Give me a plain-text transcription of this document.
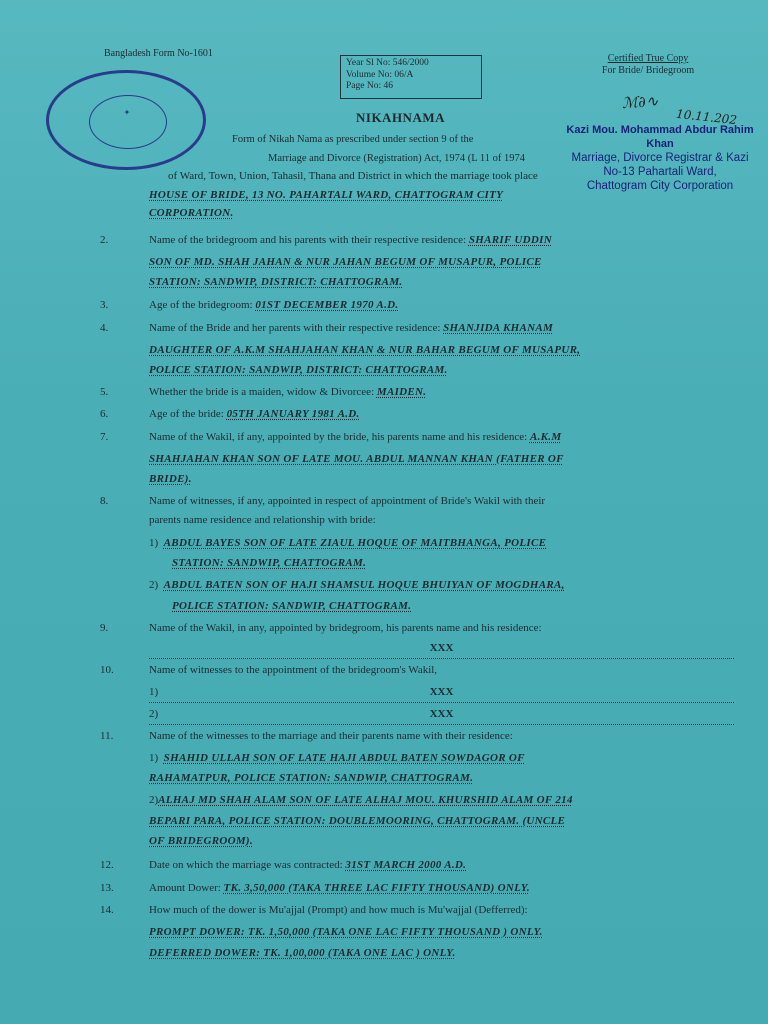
Bangladesh Form No-1601
Year Sl No: 546/2000
Volume No: 06/A
Page No: 46
Certified True Copy
For Bride/ Bridegroom
ℳ∂∿
10.11.202
Kazi Mou. Mohammad Abdur Rahim Khan
Marriage, Divorce Registrar & Kazi
No-13 Pahartali Ward,
Chattogram City Corporation
✦	NIKAHNAMA
Form of Nikah Nama as prescribed under section 9 of the
Marriage and Divorce (Registration) Act, 1974 (L 11 of 1974
of Ward, Town, Union, Tahasil, Thana and District in which the marriage took place
HOUSE OF BRIDE, 13 NO. PAHARTALI WARD, CHATTOGRAM CITY
CORPORATION.
2.	Name of the bridegroom and his parents with their respective residence: SHARIF UDDIN
SON OF MD. SHAH JAHAN & NUR JAHAN BEGUM OF MUSAPUR, POLICE
STATION: SANDWIP, DISTRICT: CHATTOGRAM.
3.	Age of the bridegroom: 01ST DECEMBER 1970 A.D.
4.	Name of the Bride and her parents with their respective residence: SHANJIDA KHANAM
DAUGHTER OF A.K.M SHAHJAHAN KHAN & NUR BAHAR BEGUM OF MUSAPUR,
POLICE STATION: SANDWIP, DISTRICT: CHATTOGRAM.
5.	Whether the bride is a maiden, widow & Divorcee: MAIDEN.
6.	Age of the bride: 05TH JANUARY 1981 A.D.
7.	Name of the Wakil, if any, appointed by the bride, his parents name and his residence: A.K.M
SHAHJAHAN KHAN SON OF LATE MOU. ABDUL MANNAN KHAN (FATHER OF
BRIDE).
8.	Name of witnesses, if any, appointed in respect of appointment of Bride's Wakil with their
parents name residence and relationship with bride:
1) ABDUL BAYES SON OF LATE ZIAUL HOQUE OF MAITBHANGA, POLICE
STATION: SANDWIP, CHATTOGRAM.
2) ABDUL BATEN SON OF HAJI SHAMSUL HOQUE BHUIYAN OF MOGDHARA,
POLICE STATION: SANDWIP, CHATTOGRAM.
9.	Name of the Wakil, in any, appointed by bridegroom, his parents name and his residence:
XXX
10.	Name of witnesses to the appointment of the bridegroom's Wakil,
1)	XXX
2)	XXX
11.	Name of the witnesses to the marriage and their parents name with their residence:
1) SHAHID ULLAH SON OF LATE HAJI ABDUL BATEN SOWDAGOR OF
RAHAMATPUR, POLICE STATION: SANDWIP, CHATTOGRAM.
2)ALHAJ MD SHAH ALAM SON OF LATE ALHAJ MOU. KHURSHID ALAM OF 214
BEPARI PARA, POLICE STATION: DOUBLEMOORING, CHATTOGRAM. (UNCLE
OF BRIDEGROOM).
12.	Date on which the marriage was contracted: 31ST MARCH 2000 A.D.
13.	Amount Dower: TK. 3,50,000 (TAKA THREE LAC FIFTY THOUSAND) ONLY.
14.	How much of the dower is Mu'ajjal (Prompt) and how much is Mu'wajjal (Defferred):
PROMPT DOWER: TK. 1,50,000 (TAKA ONE LAC FIFTY THOUSAND ) ONLY.
DEFERRED DOWER: TK. 1,00,000 (TAKA ONE LAC ) ONLY.
